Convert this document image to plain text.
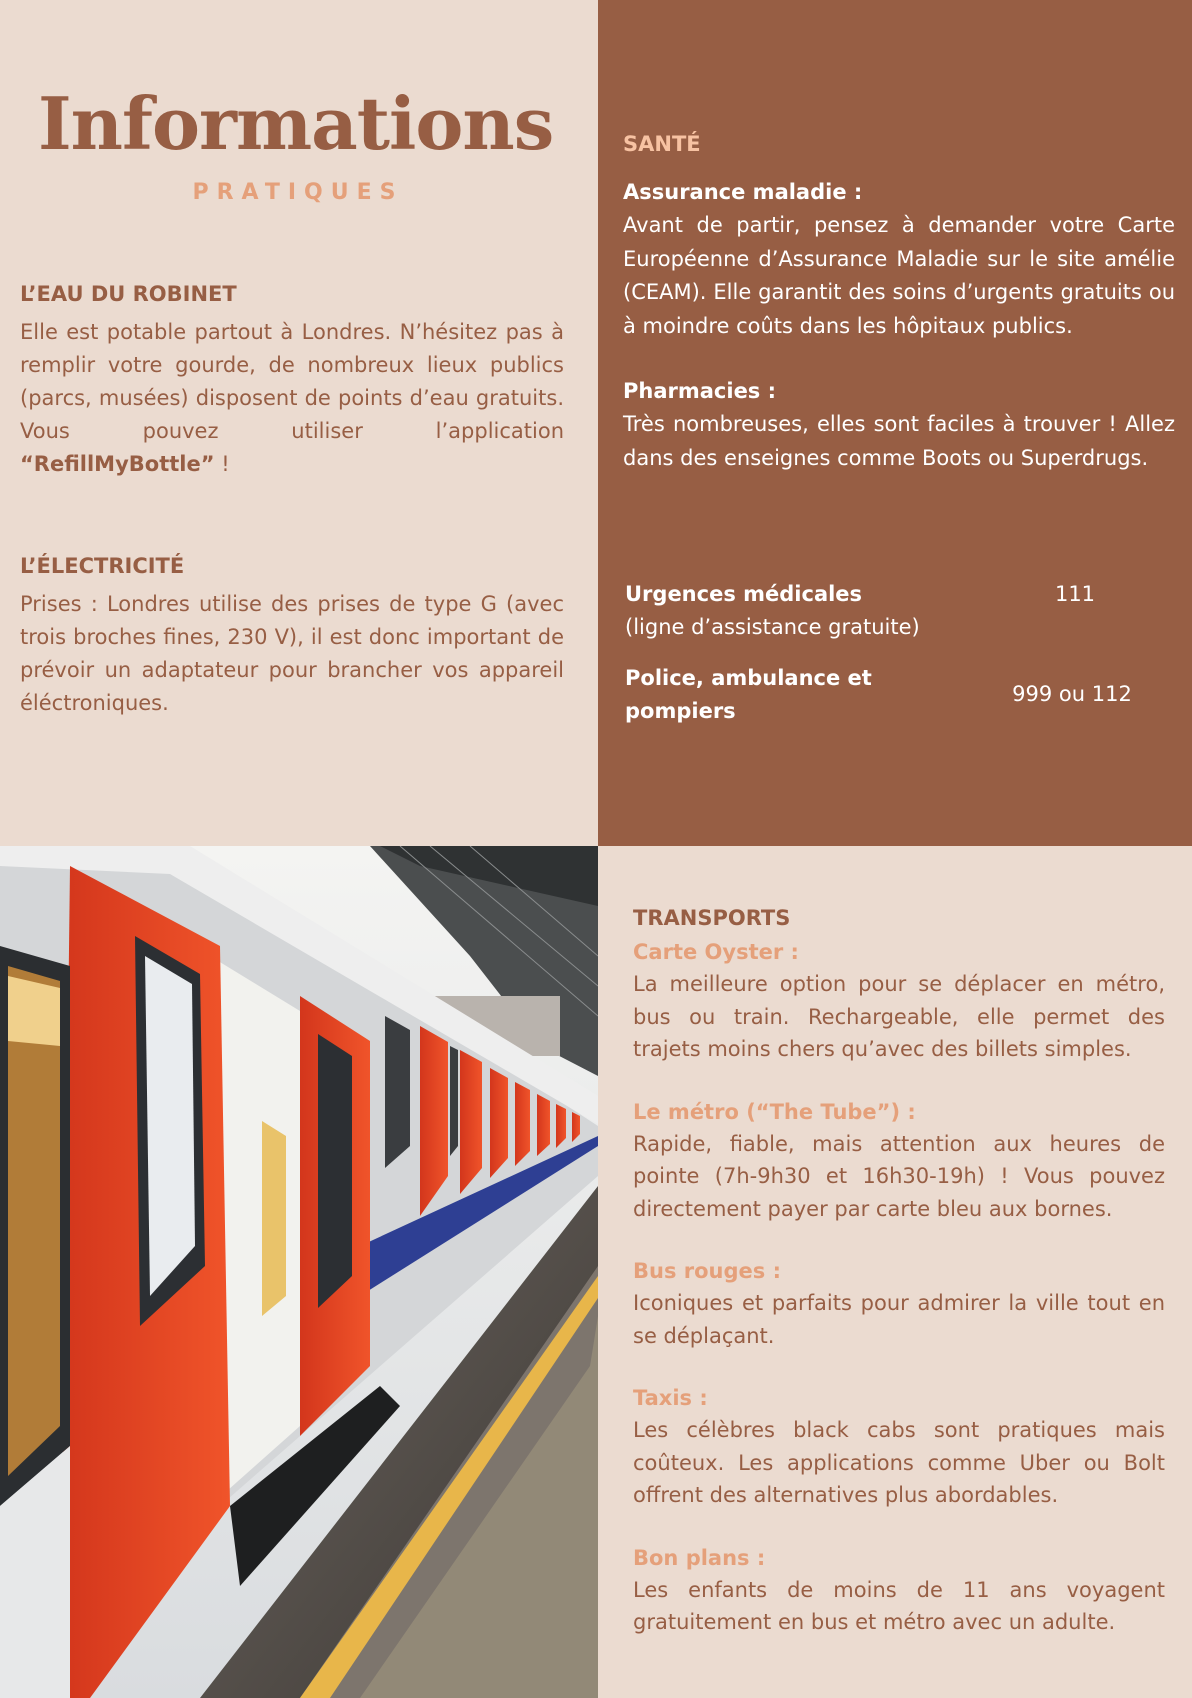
Informations
PRATIQUES

L’EAU DU ROBINET

Elle est potable partout à Londres. N’hésitez pas à remplir votre gourde, de nombreux lieux publics (parcs, musées) disposent de points d’eau gratuits. Vous pouvez utiliser l’application “RefillMyBottle” !

L’ÉLECTRICITÉ

Prises : Londres utilise des prises de type G (avec trois broches fines, 230 V), il est donc important de prévoir un adaptateur pour brancher vos appareil éléctroniques.

SANTÉ

Assurance maladie :

Avant de partir, pensez à demander votre Carte Européenne d’Assurance Maladie sur le site amélie (CEAM). Elle garantit des soins d’urgents gratuits ou à moindre coûts dans les hôpitaux publics.

Pharmacies :

Très nombreuses, elles sont faciles à trouver ! Allez dans des enseignes comme Boots ou Superdrugs.

Urgences médicales
(ligne d’assistance gratuite)
111
Police, ambulance et
pompiers
999 ou 112

TRANSPORTS

Carte Oyster :

La meilleure option pour se déplacer en métro, bus ou train. Rechargeable, elle permet des trajets moins chers qu’avec des billets simples.

Le métro (“The Tube”) :

Rapide, fiable, mais attention aux heures de pointe (7h-9h30 et 16h30-19h) ! Vous pouvez directement payer par carte bleu aux bornes.

Bus rouges :

Iconiques et parfaits pour admirer la ville tout en se déplaçant.

Taxis :

Les célèbres black cabs sont pratiques mais coûteux. Les applications comme Uber ou Bolt offrent des alternatives plus abordables.

Bon plans :

Les enfants de moins de 11 ans voyagent gratuitement en bus et métro avec un adulte.
